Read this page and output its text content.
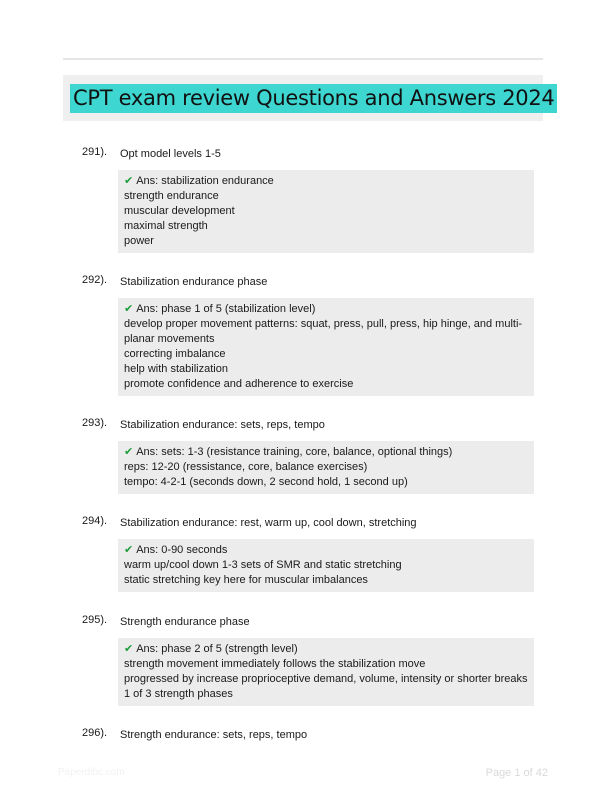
CPT exam review Questions and Answers 2024
291). Opt model levels 1-5
✔ Ans: stabilization endurance
strength endurance
muscular development
maximal strength
power
292). Stabilization endurance phase
✔ Ans: phase 1 of 5 (stabilization level)
develop proper movement patterns: squat, press, pull, press, hip hinge, and multi-planar movements
correcting imbalance
help with stabilization
promote confidence and adherence to exercise
293). Stabilization endurance: sets, reps, tempo
✔ Ans: sets: 1-3 (resistance training, core, balance, optional things)
reps: 12-20 (ressistance, core, balance exercises)
tempo: 4-2-1 (seconds down, 2 second hold, 1 second up)
294). Stabilization endurance: rest, warm up, cool down, stretching
✔ Ans: 0-90 seconds
warm up/cool down 1-3 sets of SMR and static stretching
static stretching key here for muscular imbalances
295). Strength endurance phase
✔ Ans: phase 2 of 5 (strength level)
strength movement immediately follows the stabilization move
progressed by increase proprioceptive demand, volume, intensity or shorter breaks
1 of 3 strength phases
296). Strength endurance: sets, reps, tempo
Paperdibc.com	Page 1 of 42
